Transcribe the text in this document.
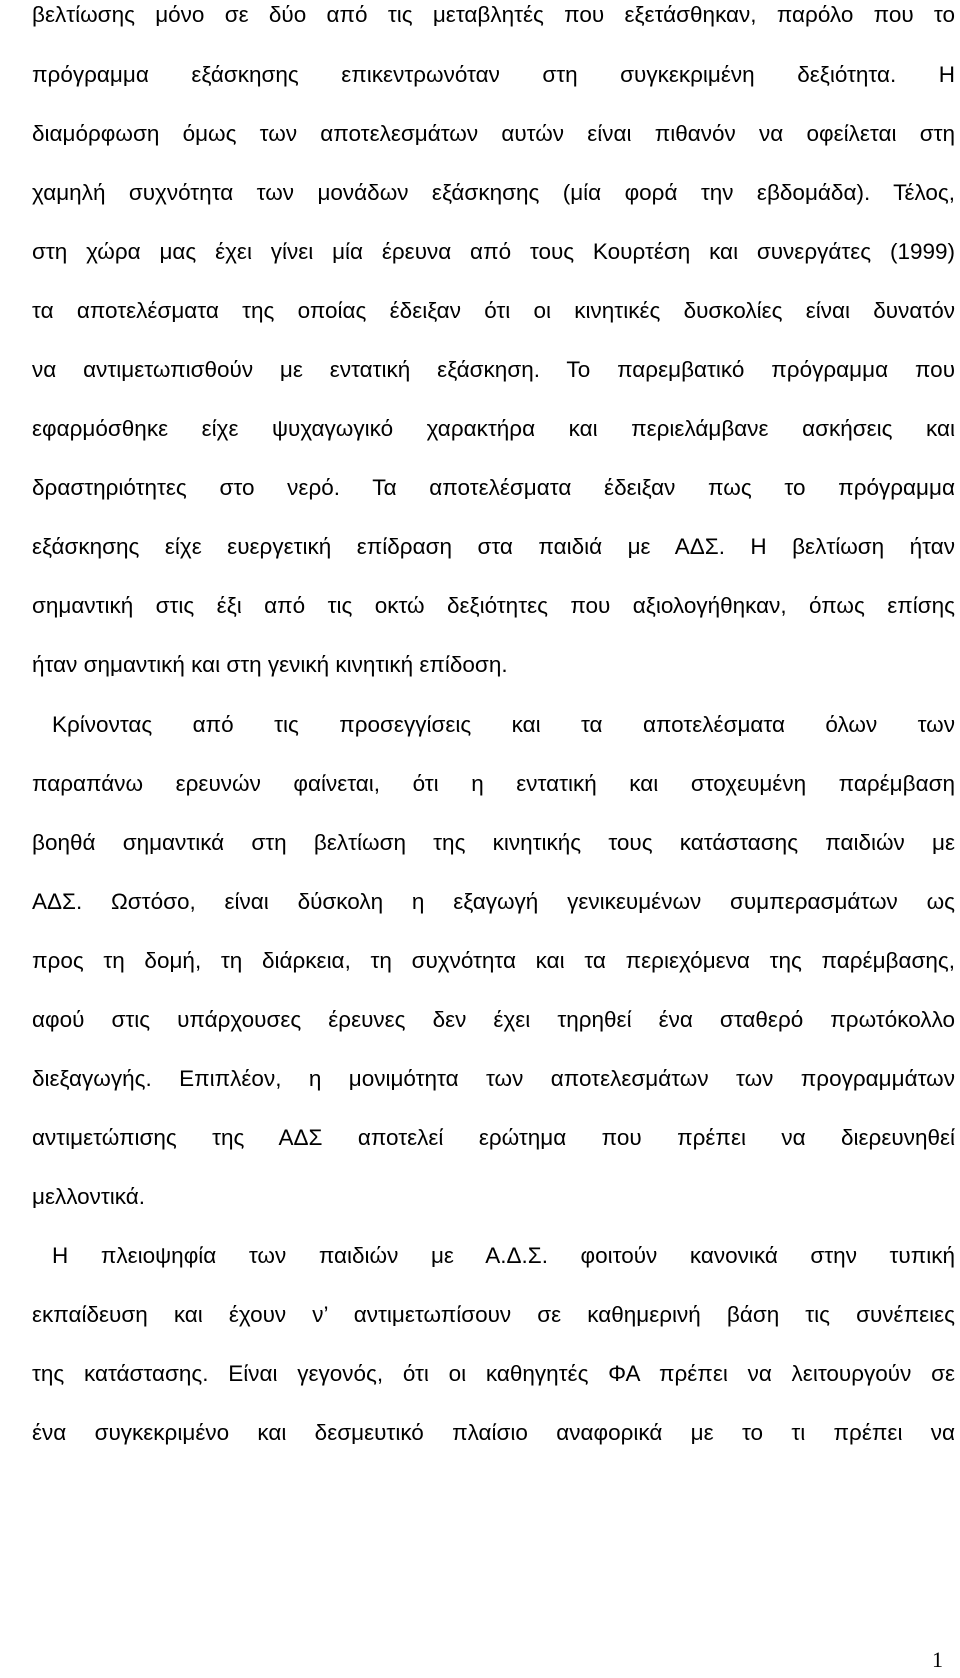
βελτίωσης μόνο σε δύο από τις μεταβλητές που εξετάσθηκαν, παρόλο που το
πρόγραμμα εξάσκησης επικεντρωνόταν στη συγκεκριμένη δεξιότητα. Η
διαμόρφωση όμως των αποτελεσμάτων αυτών είναι πιθανόν να οφείλεται στη
χαμηλή συχνότητα των μονάδων εξάσκησης (μία φορά την εβδομάδα). Τέλος,
στη χώρα μας έχει γίνει μία έρευνα από τους Κουρτέση και συνεργάτες (1999)
τα αποτελέσματα της οποίας έδειξαν ότι οι κινητικές δυσκολίες είναι δυνατόν
να αντιμετωπισθούν με εντατική εξάσκηση. Το παρεμβατικό πρόγραμμα που
εφαρμόσθηκε είχε ψυχαγωγικό χαρακτήρα και περιελάμβανε ασκήσεις και
δραστηριότητες στο νερό. Τα αποτελέσματα έδειξαν πως το πρόγραμμα
εξάσκησης είχε ευεργετική επίδραση στα παιδιά με ΑΔΣ. Η βελτίωση ήταν
σημαντική στις έξι από τις οκτώ δεξιότητες που αξιολογήθηκαν, όπως επίσης
ήταν σημαντική και στη γενική κινητική επίδοση.
Κρίνοντας από τις προσεγγίσεις και τα αποτελέσματα όλων των
παραπάνω ερευνών φαίνεται, ότι η εντατική και στοχευμένη παρέμβαση
βοηθά σημαντικά στη βελτίωση της κινητικής τους κατάστασης παιδιών με
ΑΔΣ. Ωστόσο, είναι δύσκολη η εξαγωγή γενικευμένων συμπερασμάτων ως
προς τη δομή, τη διάρκεια, τη συχνότητα και τα περιεχόμενα της παρέμβασης,
αφού στις υπάρχουσες έρευνες δεν έχει τηρηθεί ένα σταθερό πρωτόκολλο
διεξαγωγής. Επιπλέον, η μονιμότητα των αποτελεσμάτων των προγραμμάτων
αντιμετώπισης της ΑΔΣ αποτελεί ερώτημα που πρέπει να διερευνηθεί
μελλοντικά.
Η πλειοψηφία των παιδιών με Α.Δ.Σ. φοιτούν κανονικά στην τυπική
εκπαίδευση και έχουν ν’ αντιμετωπίσουν σε καθημερινή βάση τις συνέπειες
της κατάστασης. Είναι γεγονός, ότι οι καθηγητές ΦΑ πρέπει να λειτουργούν σε
ένα συγκεκριμένο και δεσμευτικό πλαίσιο αναφορικά με το τι πρέπει να
1
